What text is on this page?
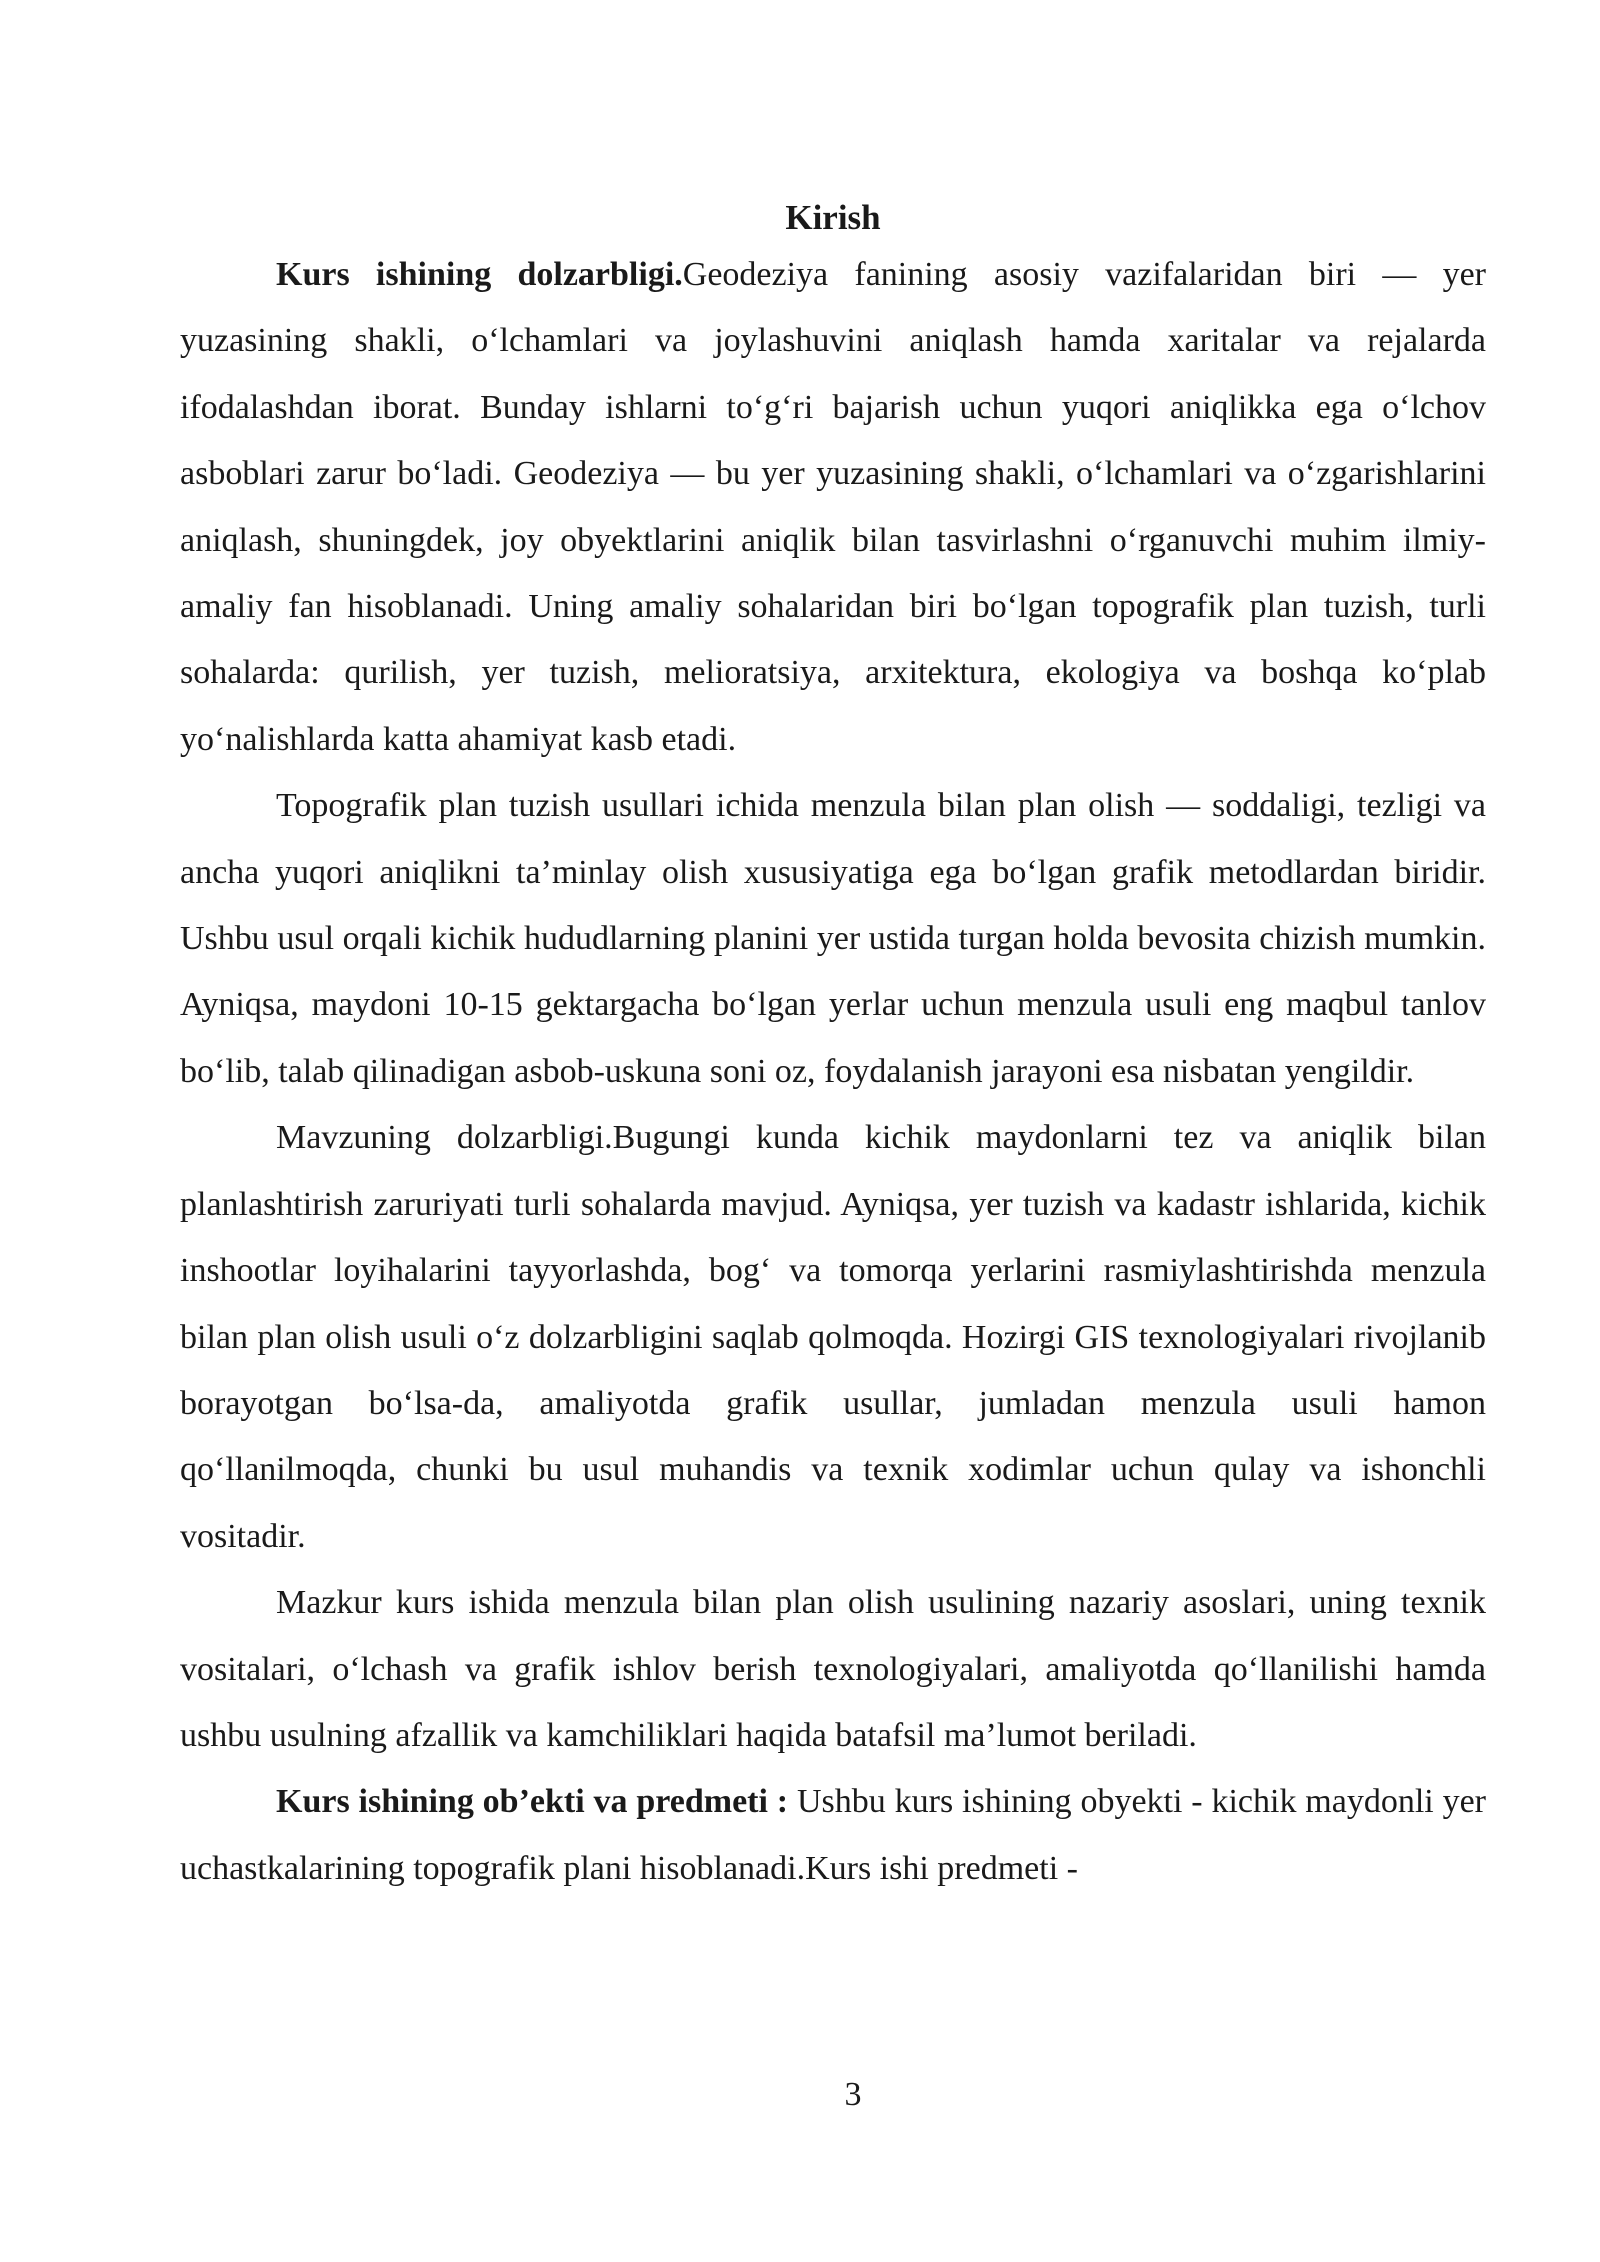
Kirish

Kurs ishining dolzarbligi.Geodeziya fanining asosiy vazifalaridan biri — yer yuzasining shakli, o‘lchamlari va joylashuvini aniqlash hamda xaritalar va rejalarda ifodalashdan iborat. Bunday ishlarni to‘g‘ri bajarish uchun yuqori aniqlikka ega o‘lchov asboblari zarur bo‘ladi. Geodeziya — bu yer yuzasining shakli, o‘lchamlari va o‘zgarishlarini aniqlash, shuningdek, joy obyektlarini aniqlik bilan tasvirlashni o‘rganuvchi muhim ilmiy-amaliy fan hisoblanadi. Uning amaliy sohalaridan biri bo‘lgan topografik plan tuzish, turli sohalarda: qurilish, yer tuzish, melioratsiya, arxitektura, ekologiya va boshqa ko‘plab yo‘nalishlarda katta ahamiyat kasb etadi.

Topografik plan tuzish usullari ichida menzula bilan plan olish — soddaligi, tezligi va ancha yuqori aniqlikni ta’minlay olish xususiyatiga ega bo‘lgan grafik metodlardan biridir. Ushbu usul orqali kichik hududlarning planini yer ustida turgan holda bevosita chizish mumkin. Ayniqsa, maydoni 10-15 gektargacha bo‘lgan yerlar uchun menzula usuli eng maqbul tanlov bo‘lib, talab qilinadigan asbob-uskuna soni oz, foydalanish jarayoni esa nisbatan yengildir.

Mavzuning dolzarbligi.Bugungi kunda kichik maydonlarni tez va aniqlik bilan planlashtirish zaruriyati turli sohalarda mavjud. Ayniqsa, yer tuzish va kadastr ishlarida, kichik inshootlar loyihalarini tayyorlashda, bog‘ va tomorqa yerlarini rasmiylashtirishda menzula bilan plan olish usuli o‘z dolzarbligini saqlab qolmoqda. Hozirgi GIS texnologiyalari rivojlanib borayotgan bo‘lsa-da, amaliyotda grafik usullar, jumladan menzula usuli hamon qo‘llanilmoqda, chunki bu usul muhandis va texnik xodimlar uchun qulay va ishonchli vositadir.

Mazkur kurs ishida menzula bilan plan olish usulining nazariy asoslari, uning texnik vositalari, o‘lchash va grafik ishlov berish texnologiyalari, amaliyotda qo‘llanilishi hamda ushbu usulning afzallik va kamchiliklari haqida batafsil ma’lumot beriladi.

Kurs ishining ob’ekti va predmeti : Ushbu kurs ishining obyekti - kichik maydonli yer uchastkalarining topografik plani hisoblanadi.Kurs ishi predmeti -

3
